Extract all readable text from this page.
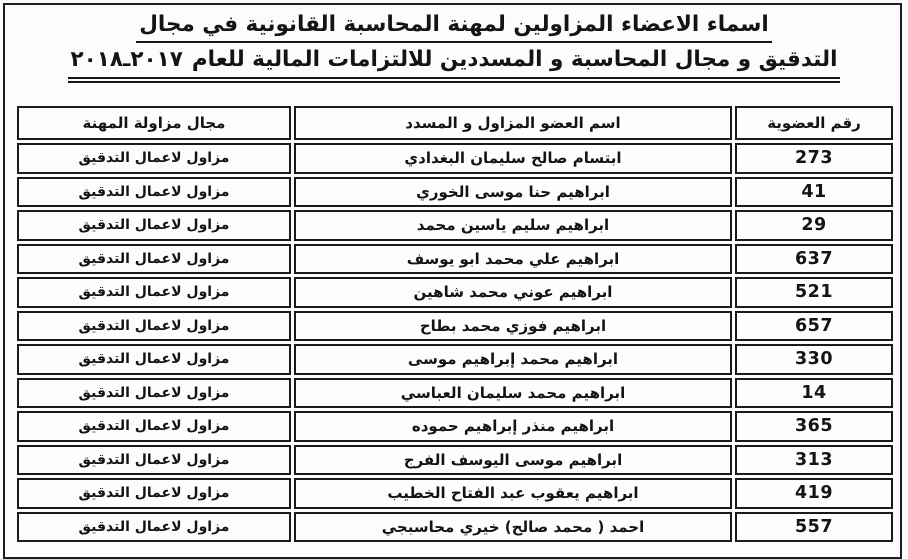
اسماء الاعضاء المزاولين لمهنة المحاسبة القانونية في مجال
التدقيق و مجال المحاسبة و المسددين للالتزامات المالية للعام٢٠١٧ـ٢٠١٨
رقم العضوية	اسم العضو المزاول و المسدد	مجال مزاولة المهنة
273	ابتسام صالح سليمان البغدادي	مزاول لاعمال التدقيق
41	ابراهيم حنا موسى الخوري	مزاول لاعمال التدقيق
29	ابراهيم سليم ياسين محمد	مزاول لاعمال التدقيق
637	ابراهيم علي محمد ابو يوسف	مزاول لاعمال التدقيق
521	ابراهيم عوني محمد شاهين	مزاول لاعمال التدقيق
657	ابراهيم فوزي محمد بطاح	مزاول لاعمال التدقيق
330	ابراهيم محمد إبراهيم موسى	مزاول لاعمال التدقيق
14	ابراهيم محمد سليمان العباسي	مزاول لاعمال التدقيق
365	ابراهيم منذر إبراهيم حموده	مزاول لاعمال التدقيق
313	ابراهيم موسى اليوسف الفرج	مزاول لاعمال التدقيق
419	ابراهيم يعقوب عبد الفتاح الخطيب	مزاول لاعمال التدقيق
557	احمد ( محمد صالح) خيري محاسبجي	مزاول لاعمال التدقيق
